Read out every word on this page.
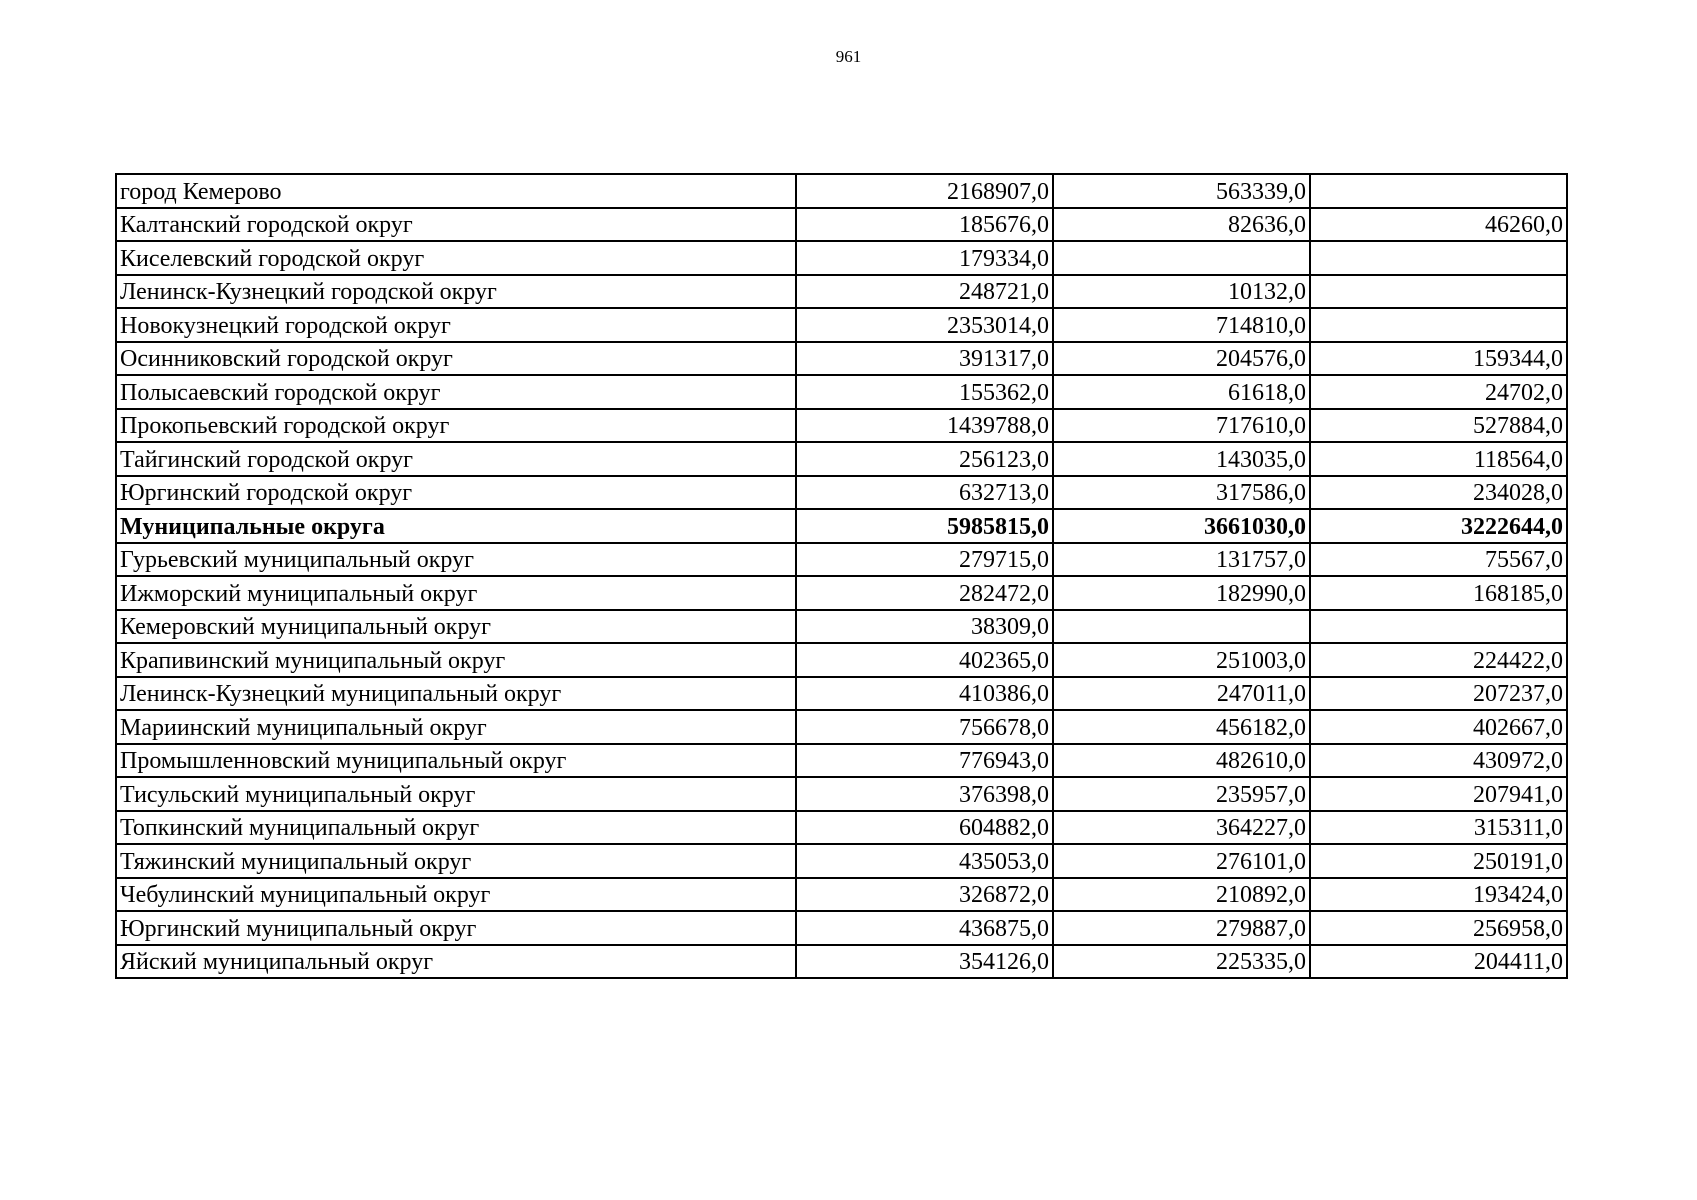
961
город Кемерово	2168907,0	563339,0	
Калтанский городской округ	185676,0	82636,0	46260,0
Киселевский городской округ	179334,0		
Ленинск-Кузнецкий городской округ	248721,0	10132,0	
Новокузнецкий городской округ	2353014,0	714810,0	
Осинниковский городской округ	391317,0	204576,0	159344,0
Полысаевский городской округ	155362,0	61618,0	24702,0
Прокопьевский городской округ	1439788,0	717610,0	527884,0
Тайгинский городской округ	256123,0	143035,0	118564,0
Юргинский городской округ	632713,0	317586,0	234028,0
Муниципальные округа	5985815,0	3661030,0	3222644,0
Гурьевский муниципальный округ	279715,0	131757,0	75567,0
Ижморский муниципальный округ	282472,0	182990,0	168185,0
Кемеровский муниципальный округ	38309,0		
Крапивинский муниципальный округ	402365,0	251003,0	224422,0
Ленинск-Кузнецкий муниципальный округ	410386,0	247011,0	207237,0
Мариинский муниципальный округ	756678,0	456182,0	402667,0
Промышленновский муниципальный округ	776943,0	482610,0	430972,0
Тисульский муниципальный округ	376398,0	235957,0	207941,0
Топкинский муниципальный округ	604882,0	364227,0	315311,0
Тяжинский муниципальный округ	435053,0	276101,0	250191,0
Чебулинский муниципальный округ	326872,0	210892,0	193424,0
Юргинский муниципальный округ	436875,0	279887,0	256958,0
Яйский муниципальный округ	354126,0	225335,0	204411,0
